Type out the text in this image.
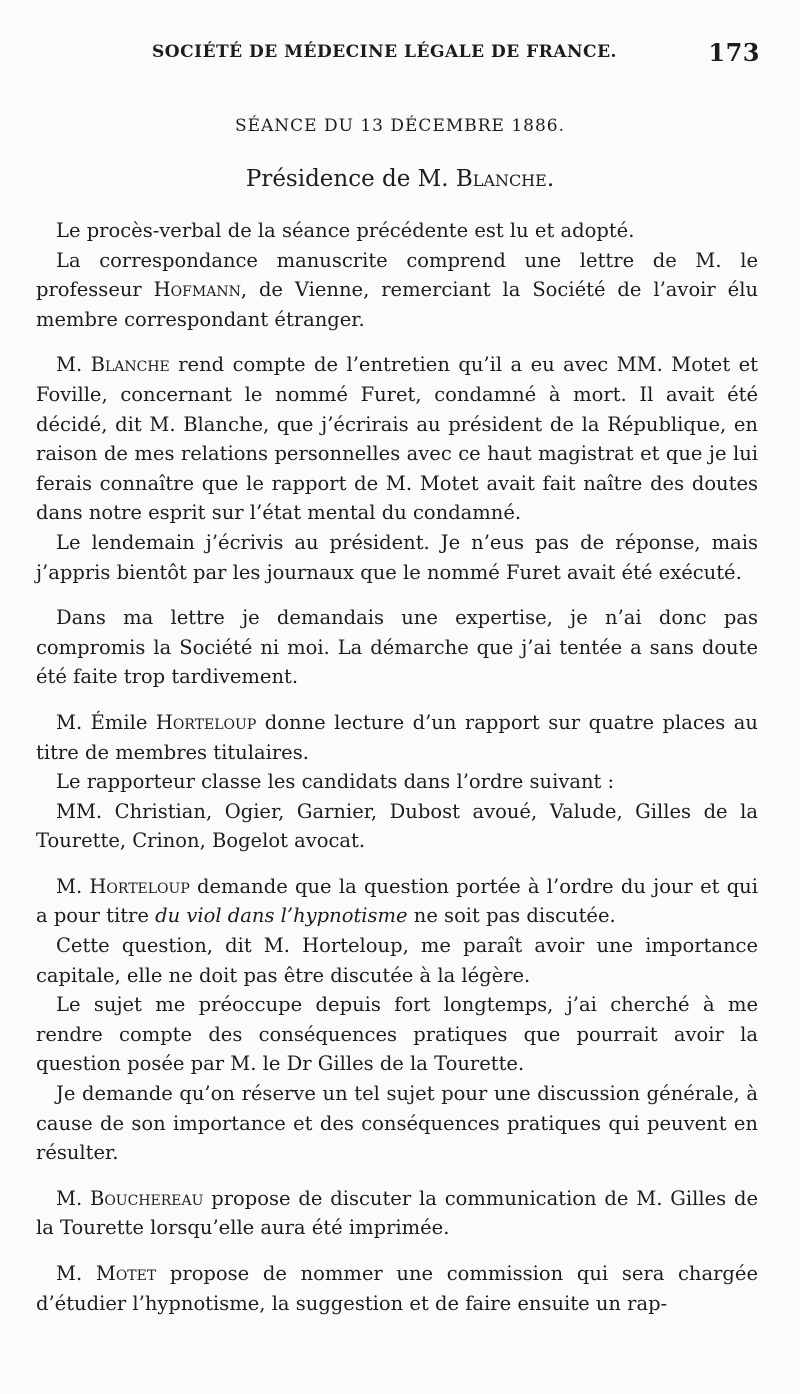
SOCIÉTÉ DE MÉDECINE LÉGALE DE FRANCE.	173
SÉANCE DU 13 DÉCEMBRE 1886.
Présidence de M. Blanche.

Le procès-verbal de la séance précédente est lu et adopté.

La correspondance manuscrite comprend une lettre de M. le professeur Hofmann, de Vienne, remerciant la Société de l’avoir élu membre correspondant étranger.

M. Blanche rend compte de l’entretien qu’il a eu avec MM. Motet et Foville, concernant le nommé Furet, condamné à mort. Il avait été décidé, dit M. Blanche, que j’écrirais au président de la République, en raison de mes relations personnelles avec ce haut magistrat et que je lui ferais connaître que le rapport de M. Motet avait fait naître des doutes dans notre esprit sur l’état mental du condamné.

Le lendemain j’écrivis au président. Je n’eus pas de réponse, mais j’appris bientôt par les journaux que le nommé Furet avait été exécuté.

Dans ma lettre je demandais une expertise, je n’ai donc pas compromis la Société ni moi. La démarche que j’ai tentée a sans doute été faite trop tardivement.

M. Émile Horteloup donne lecture d’un rapport sur quatre places au titre de membres titulaires.

Le rapporteur classe les candidats dans l’ordre suivant :

MM. Christian, Ogier, Garnier, Dubost avoué, Valude, Gilles de la Tourette, Crinon, Bogelot avocat.

M. Horteloup demande que la question portée à l’ordre du jour et qui a pour titre du viol dans l’hypnotisme ne soit pas discutée.

Cette question, dit M. Horteloup, me paraît avoir une importance capitale, elle ne doit pas être discutée à la légère.

Le sujet me préoccupe depuis fort longtemps, j’ai cherché à me rendre compte des conséquences pratiques que pourrait avoir la question posée par M. le Dr Gilles de la Tourette.

Je demande qu’on réserve un tel sujet pour une discussion générale, à cause de son importance et des conséquences pratiques qui peuvent en résulter.

M. Bouchereau propose de discuter la communication de M. Gilles de la Tourette lorsqu’elle aura été imprimée.

M. Motet propose de nommer une commission qui sera chargée d’étudier l’hypnotisme, la suggestion et de faire ensuite un rap-
